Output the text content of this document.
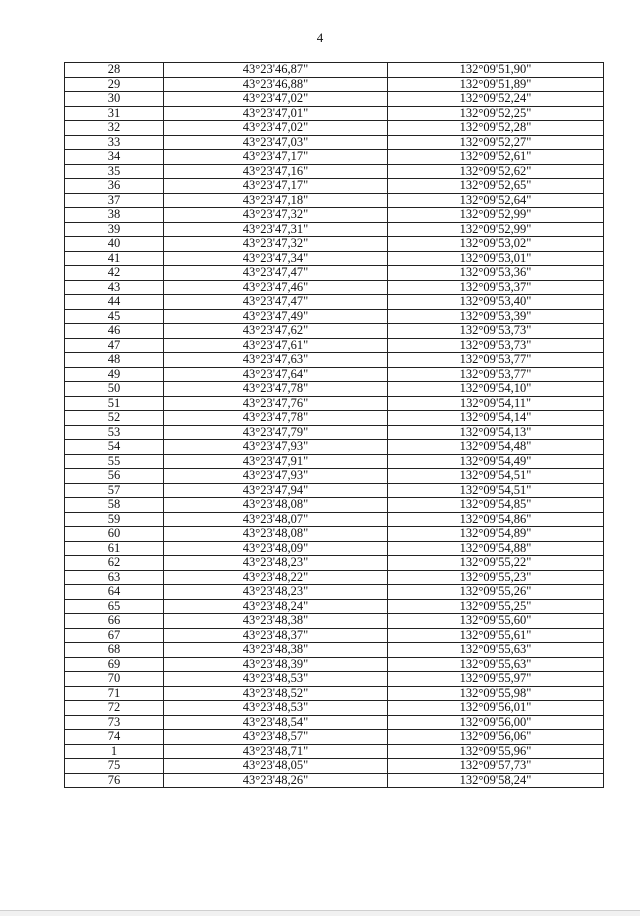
4
28	43°23'46,87"	132°09'51,90"
29	43°23'46,88"	132°09'51,89"
30	43°23'47,02"	132°09'52,24"
31	43°23'47,01"	132°09'52,25"
32	43°23'47,02"	132°09'52,28"
33	43°23'47,03"	132°09'52,27"
34	43°23'47,17"	132°09'52,61"
35	43°23'47,16"	132°09'52,62"
36	43°23'47,17"	132°09'52,65"
37	43°23'47,18"	132°09'52,64"
38	43°23'47,32"	132°09'52,99"
39	43°23'47,31"	132°09'52,99"
40	43°23'47,32"	132°09'53,02"
41	43°23'47,34"	132°09'53,01"
42	43°23'47,47"	132°09'53,36"
43	43°23'47,46"	132°09'53,37"
44	43°23'47,47"	132°09'53,40"
45	43°23'47,49"	132°09'53,39"
46	43°23'47,62"	132°09'53,73"
47	43°23'47,61"	132°09'53,73"
48	43°23'47,63"	132°09'53,77"
49	43°23'47,64"	132°09'53,77"
50	43°23'47,78"	132°09'54,10"
51	43°23'47,76"	132°09'54,11"
52	43°23'47,78"	132°09'54,14"
53	43°23'47,79"	132°09'54,13"
54	43°23'47,93"	132°09'54,48"
55	43°23'47,91"	132°09'54,49"
56	43°23'47,93"	132°09'54,51"
57	43°23'47,94"	132°09'54,51"
58	43°23'48,08"	132°09'54,85"
59	43°23'48,07"	132°09'54,86"
60	43°23'48,08"	132°09'54,89"
61	43°23'48,09"	132°09'54,88"
62	43°23'48,23"	132°09'55,22"
63	43°23'48,22"	132°09'55,23"
64	43°23'48,23"	132°09'55,26"
65	43°23'48,24"	132°09'55,25"
66	43°23'48,38"	132°09'55,60"
67	43°23'48,37"	132°09'55,61"
68	43°23'48,38"	132°09'55,63"
69	43°23'48,39"	132°09'55,63"
70	43°23'48,53"	132°09'55,97"
71	43°23'48,52"	132°09'55,98"
72	43°23'48,53"	132°09'56,01"
73	43°23'48,54"	132°09'56,00"
74	43°23'48,57"	132°09'56,06"
1	43°23'48,71"	132°09'55,96"
75	43°23'48,05"	132°09'57,73"
76	43°23'48,26"	132°09'58,24"
